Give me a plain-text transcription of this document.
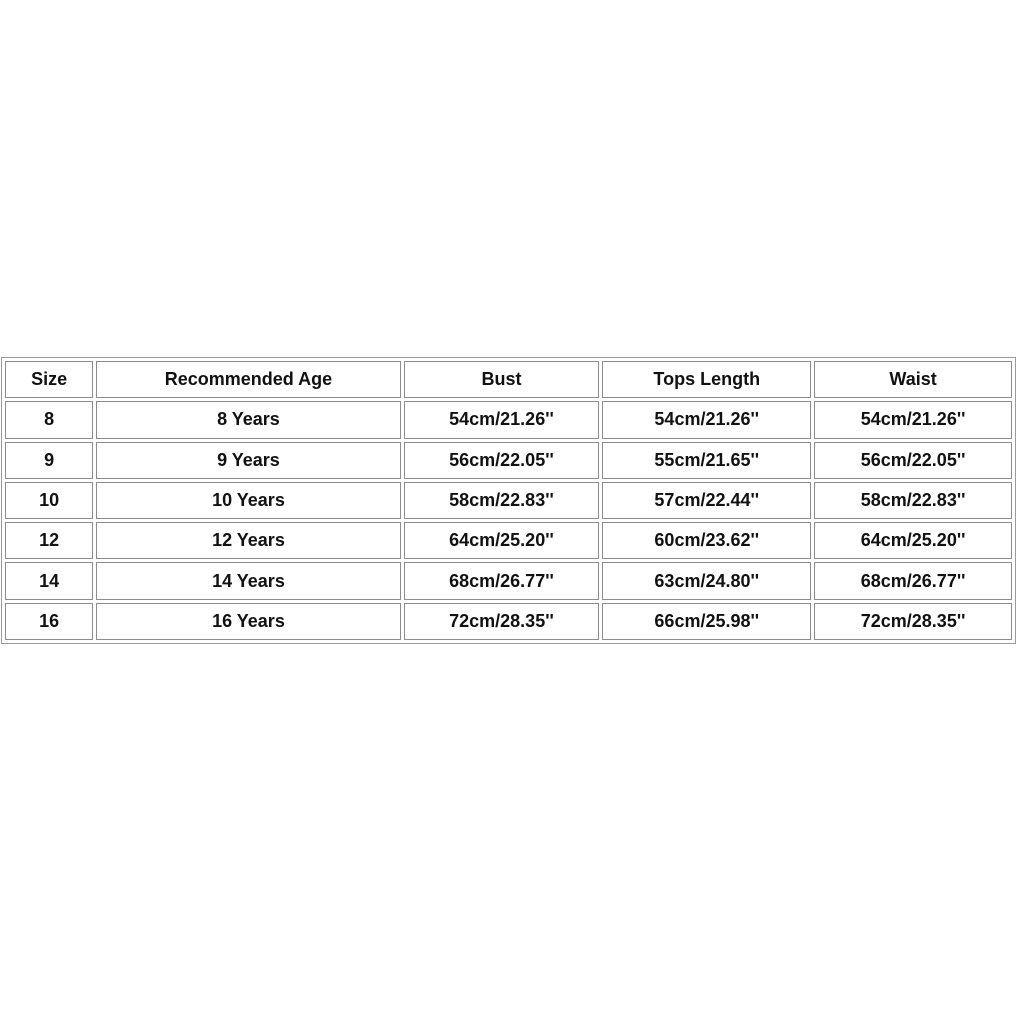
Size	Recommended Age	Bust	Tops Length	Waist
8	8 Years	54cm/21.26''	54cm/21.26''	54cm/21.26''
9	9 Years	56cm/22.05''	55cm/21.65''	56cm/22.05''
10	10 Years	58cm/22.83''	57cm/22.44''	58cm/22.83''
12	12 Years	64cm/25.20''	60cm/23.62''	64cm/25.20''
14	14 Years	68cm/26.77''	63cm/24.80''	68cm/26.77''
16	16 Years	72cm/28.35''	66cm/25.98''	72cm/28.35''
